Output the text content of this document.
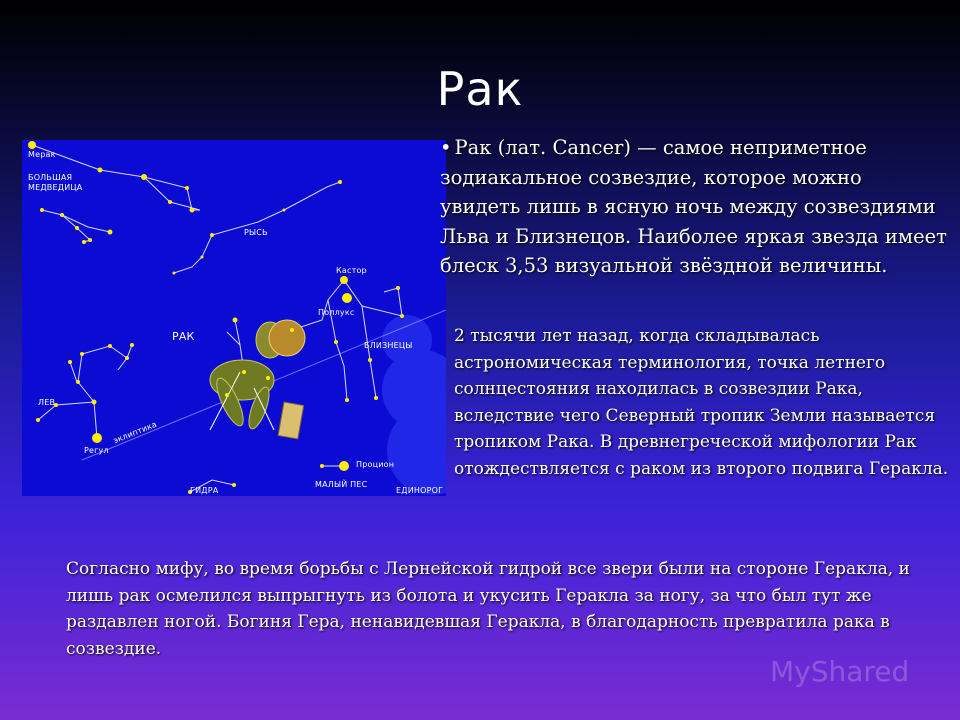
Рак
Мерак
БОЛЬШАЯ
МЕДВЕДИЦА
РЫСЬ
РАК
Кастор
Поллукс
БЛИЗНЕЦЫ
ЛЕВ
Регул
эклиптика
Процион
МАЛЫЙ ПЕС
ГИДРА	ЕДИНОРОГ
• Рак (лат. Cancer) — самое неприметное зодиакальное созвездие, которое можно увидеть лишь в ясную ночь между созвездиями Льва и Близнецов. Наиболее яркая звезда имеет блеск 3,53 визуальной звёздной величины.
2 тысячи лет назад, когда складывалась астрономическая терминология, точка летнего солнцестояния находилась в созвездии Рака, вследствие чего Северный тропик Земли называется тропиком Рака. В древнегреческой мифологии Рак отождествляется с раком из второго подвига Геракла.
Согласно мифу, во время борьбы с Лернейской гидрой все звери были на стороне Геракла, и лишь рак осмелился выпрыгнуть из болота и укусить Геракла за ногу, за что был тут же раздавлен ногой. Богиня Гера, ненавидевшая Геракла, в благодарность превратила рака в созвездие.
MyShared
